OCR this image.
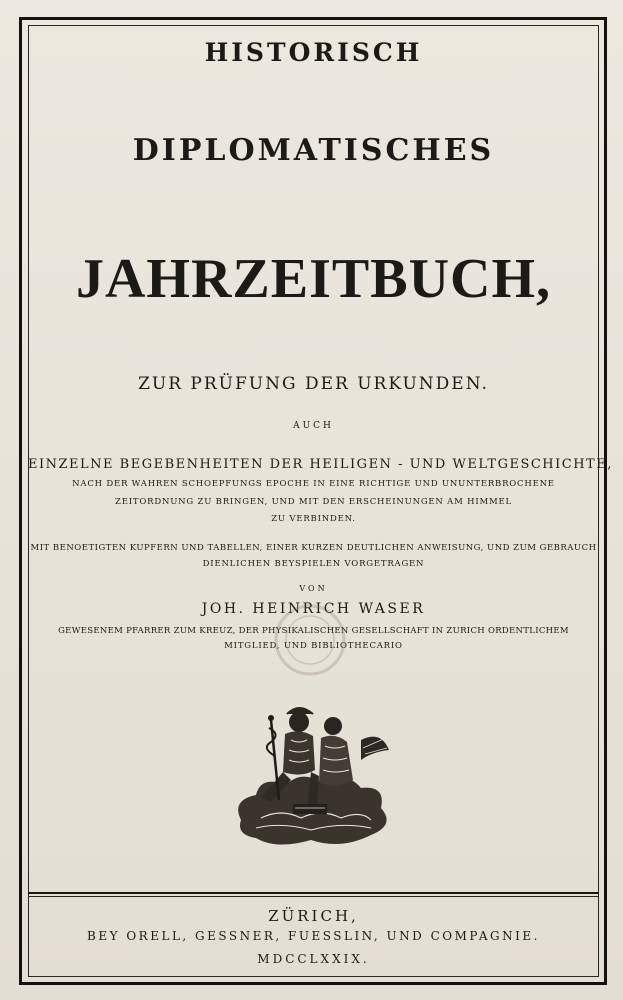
HISTORISCH
DIPLOMATISCHES
JAHRZEITBUCH,
ZUR PRÜFUNG DER URKUNDEN.
AUCH
EINZELNE BEGEBENHEITEN DER HEILIGEN - UND WELTGESCHICHTE,
NACH DER WAHREN SCHOEPFUNGS EPOCHE IN EINE RICHTIGE UND UNUNTERBROCHENE
ZEITORDNUNG ZU BRINGEN, UND MIT DEN ERSCHEINUNGEN AM HIMMEL
ZU VERBINDEN.
MIT BENOETIGTEN KUPFERN UND TABELLEN, EINER KURZEN DEUTLICHEN ANWEISUNG, UND ZUM GEBRAUCH
DIENLICHEN BEYSPIELEN VORGETRAGEN
VON
JOH. HEINRICH WASER
GEWESENEM PFARRER ZUM KREUZ, DER PHYSIKALISCHEN GESELLSCHAFT IN ZURICH ORDENTLICHEM
MITGLIED, UND BIBLIOTHECARIO
ZÜRICH,
BEY ORELL, GESSNER, FUESSLIN, UND COMPAGNIE.
MDCCLXXIX.
